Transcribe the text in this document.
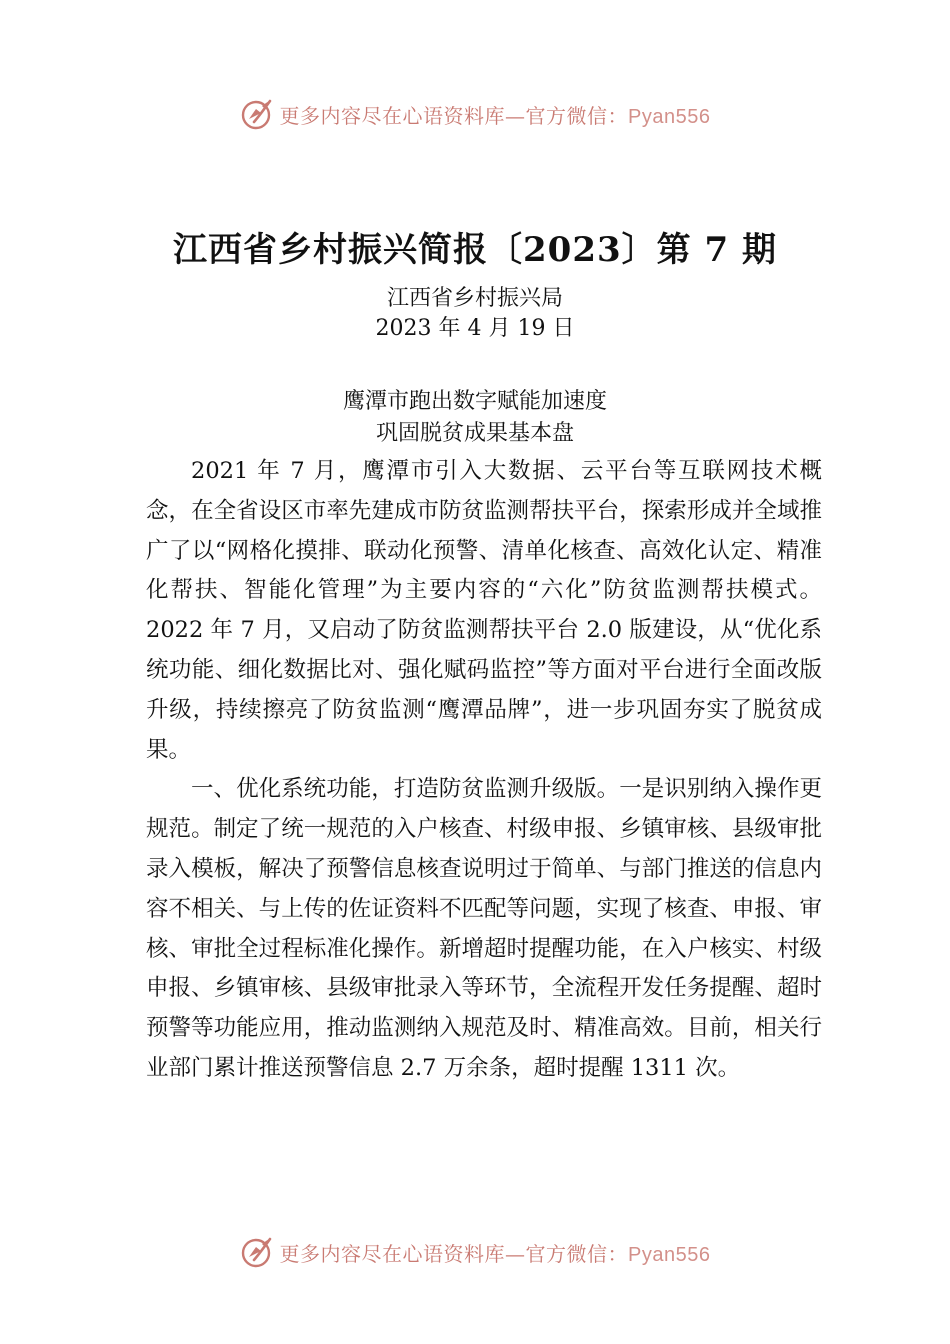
更多内容尽在心语资料库—官方微信：Pyan556
江西省乡村振兴简报〔2023〕第 7 期
江西省乡村振兴局
2023 年 4 月 19 日
鹰潭市跑出数字赋能加速度
巩固脱贫成果基本盘

2021 年 7 月，鹰潭市引入大数据、云平台等互联网技术概念，在全省设区市率先建成市防贫监测帮扶平台，探索形成并全域推广了以“网格化摸排、联动化预警、清单化核查、高效化认定、精准化帮扶、智能化管理”为主要内容的“六化”防贫监测帮扶模式。2022 年 7 月，又启动了防贫监测帮扶平台 2.0 版建设，从“优化系统功能、细化数据比对、强化赋码监控”等方面对平台进行全面改版升级，持续擦亮了防贫监测“鹰潭品牌”，进一步巩固夯实了脱贫成果。

一、优化系统功能，打造防贫监测升级版。一是识别纳入操作更规范。制定了统一规范的入户核查、村级申报、乡镇审核、县级审批录入模板，解决了预警信息核查说明过于简单、与部门推送的信息内容不相关、与上传的佐证资料不匹配等问题，实现了核查、申报、审核、审批全过程标准化操作。新增超时提醒功能，在入户核实、村级申报、乡镇审核、县级审批录入等环节，全流程开发任务提醒、超时预警等功能应用，推动监测纳入规范及时、精准高效。目前，相关行业部门累计推送预警信息 2.7 万余条，超时提醒 1311 次。

更多内容尽在心语资料库—官方微信：Pyan556
